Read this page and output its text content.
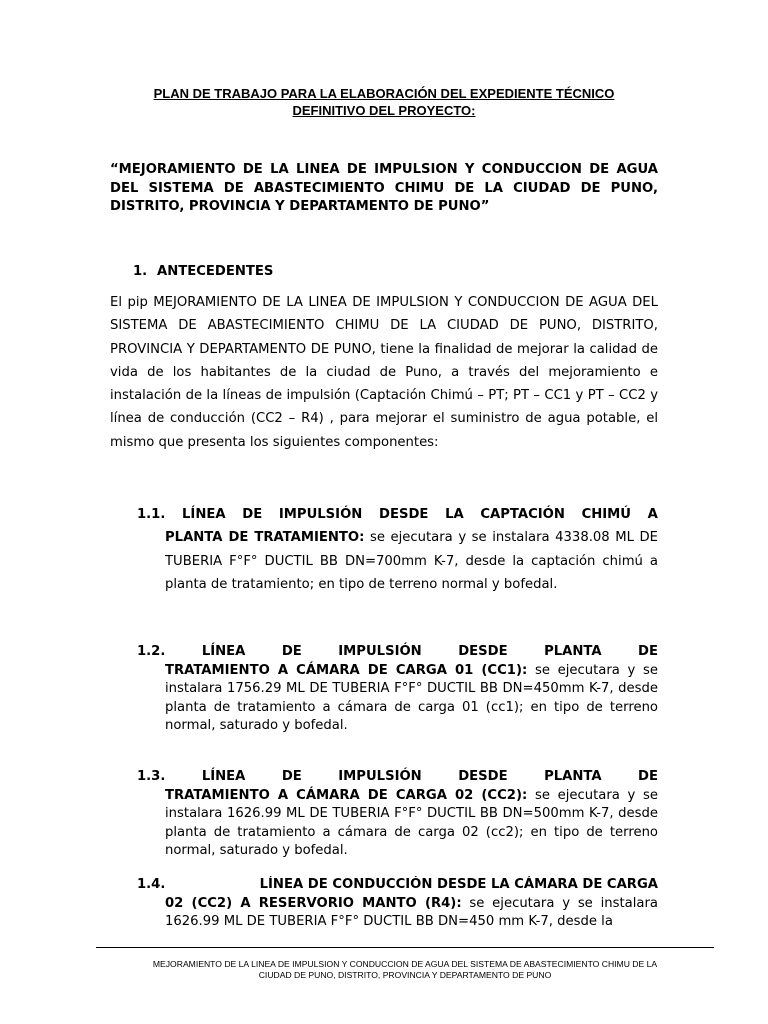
PLAN DE TRABAJO PARA LA ELABORACIÓN DEL EXPEDIENTE TÉCNICO
DEFINITIVO DEL PROYECTO:
“MEJORAMIENTO DE LA LINEA DE IMPULSION Y CONDUCCION DE AGUA DEL SISTEMA DE ABASTECIMIENTO CHIMU DE LA CIUDAD DE PUNO, DISTRITO, PROVINCIA Y DEPARTAMENTO DE PUNO”
1. ANTECEDENTES
El pip MEJORAMIENTO DE LA LINEA DE IMPULSION Y CONDUCCION DE AGUA DEL SISTEMA DE ABASTECIMIENTO CHIMU DE LA CIUDAD DE PUNO, DISTRITO, PROVINCIA Y DEPARTAMENTO DE PUNO, tiene la finalidad de mejorar la calidad de vida de los habitantes de la ciudad de Puno, a través del mejoramiento e instalación de la líneas de impulsión (Captación Chimú – PT; PT – CC1 y PT – CC2 y línea de conducción (CC2 – R4) , para mejorar el suministro de agua potable, el mismo que presenta los siguientes componentes:
1.1. LÍNEA DE IMPULSIÓN DESDE LA CAPTACIÓN CHIMÚ A
PLANTA DE TRATAMIENTO: se ejecutara y se instalara 4338.08 ML DE TUBERIA F°F° DUCTIL BB DN=700mm K-7, desde la captación chimú a planta de tratamiento; en tipo de terreno normal y bofedal.
1.2.	LÍNEA	DE	IMPULSIÓN	DESDE	PLANTA	DE
TRATAMIENTO A CÁMARA DE CARGA 01 (CC1): se ejecutara y se instalara 1756.29 ML DE TUBERIA F°F° DUCTIL BB DN=450mm K-7, desde planta de tratamiento a cámara de carga 01 (cc1); en tipo de terreno normal, saturado y bofedal.
1.3.	LÍNEA	DE	IMPULSIÓN	DESDE	PLANTA	DE
TRATAMIENTO A CÁMARA DE CARGA 02 (CC2): se ejecutara y se instalara 1626.99 ML DE TUBERIA F°F° DUCTIL BB DN=500mm K-7, desde planta de tratamiento a cámara de carga 02 (cc2); en tipo de terreno normal, saturado y bofedal.
1.4.	LÍNEA DE CONDUCCIÓN DESDE LA CÁMARA DE CARGA
02 (CC2) A RESERVORIO MANTO (R4): se ejecutara y se instalara 1626.99 ML DE TUBERIA F°F° DUCTIL BB DN=450 mm K-7, desde la
MEJORAMIENTO DE LA LINEA DE IMPULSION Y CONDUCCION DE AGUA DEL SISTEMA DE ABASTECIMIENTO CHIMU DE LA
CIUDAD DE PUNO, DISTRITO, PROVINCIA Y DEPARTAMENTO DE PUNO
